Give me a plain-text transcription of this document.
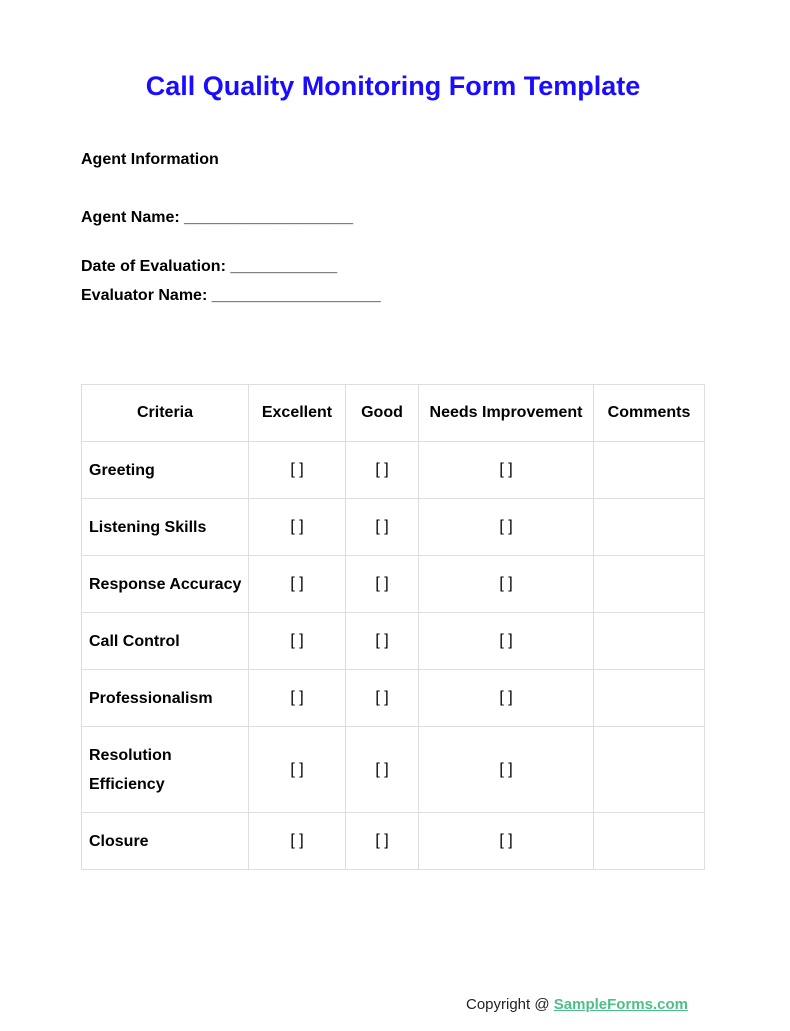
Call Quality Monitoring Form Template
Agent Information
Agent Name: ___________________
Date of Evaluation: ____________
Evaluator Name: ___________________
Criteria	Excellent	Good	Needs Improvement	Comments
Greeting	[ ]	[ ]	[ ]	
Listening Skills	[ ]	[ ]	[ ]	
Response Accuracy	[ ]	[ ]	[ ]	
Call Control	[ ]	[ ]	[ ]	
Professionalism	[ ]	[ ]	[ ]	

Resolution Efficiency	[ ]	[ ]	[ ]	
Closure	[ ]	[ ]	[ ]	
Copyright @ SampleForms.com
